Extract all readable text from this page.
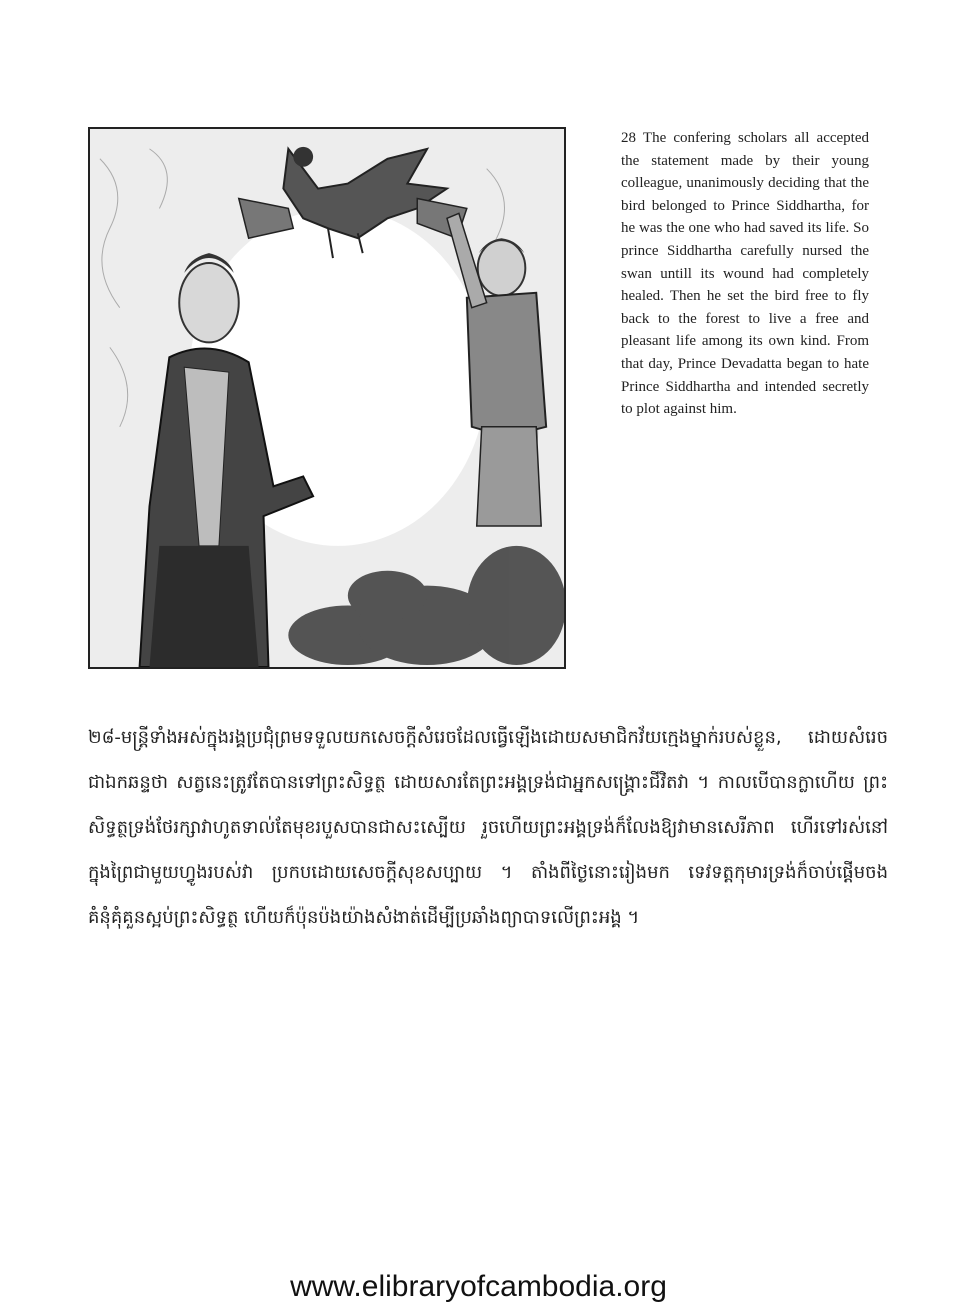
28 The confering scholars all accepted the statement made by their young colleague, unanimously deciding that the bird belonged to Prince Siddhartha, for he was the one who had saved its life. So prince Siddhartha carefully nursed the swan untill its wound had completely healed. Then he set the bird free to fly back to the forest to live a free and pleasant life among its own kind. From that day, Prince Devadatta began to hate Prince Siddhartha and intended secretly to plot against him.

២៨-មន្ត្រីទាំងអស់ក្នុងរង្គប្រជុំព្រមទទួលយកសេចក្តីសំរេចដែលធ្វើឡើងដោយសមាជិកវ័យក្មេងម្នាក់របស់ខ្លួន, ដោយសំរេចជាឯកឆន្ទថា សត្វនេះត្រូវតែបានទៅព្រះសិទ្ធត្ថ ដោយសារតែព្រះអង្គទ្រង់ជាអ្នកសង្គ្រោះជីវិតវា ។ កាលបើបានក្លាហើយ ព្រះសិទ្ធត្ថទ្រង់ថែរក្សាវាហូតទាល់តែមុខរបួសបានជាសះស្បើយ រួចហើយព្រះអង្គទ្រង់ក៏លែងឱ្យវាមានសេរីភាព ហើរទៅរស់នៅក្នុងព្រៃជាមួយហ្វូងរបស់វា ប្រកបដោយសេចក្តីសុខសប្បាយ ។ តាំងពីថ្ងៃនោះរៀងមក ទេវទត្តកុមារទ្រង់ក៏ចាប់ផ្តើមចងគំនុំគុំគួនស្អប់ព្រះសិទ្ធត្ថ ហើយក៏ប៉ុនប៉ងយ៉ាងសំងាត់ដើម្បីប្រឆាំងព្យាបាទលើព្រះអង្គ ។

www.elibraryofcambodia.org
